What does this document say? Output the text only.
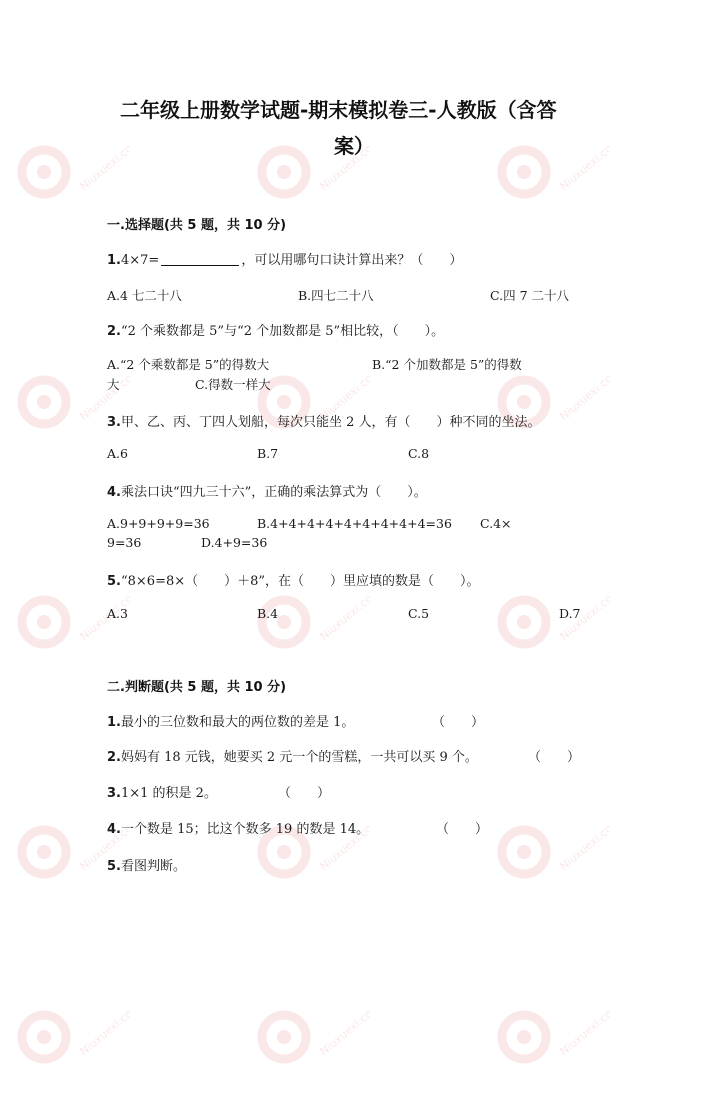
Niuxuexi.com	Niuxuexi.com	Niuxuexi.com
Niuxuexi.com	Niuxuexi.com	Niuxuexi.com
Niuxuexi.com	Niuxuexi.com	Niuxuexi.com
Niuxuexi.com	Niuxuexi.com	Niuxuexi.com
Niuxuexi.com	Niuxuexi.com	Niuxuexi.com
二年级上册数学试题-期末模拟卷三-人教版（含答
案）
一.选择题(共 5 题，共 10 分)
1.4×7=	，可以用哪句口诀计算出来？（　　）
A.4 七二十八	B.四七二十八	C.四 7 二十八
2.“2 个乘数都是 5”与“2 个加数都是 5”相比较，（　　）。
A.“2 个乘数都是 5”的得数大	B.“2 个加数都是 5”的得数
大	C.得数一样大
3.甲、乙、丙、丁四人划船，每次只能坐 2 人，有（　　）种不同的坐法。
A.6	B.7	C.8
4.乘法口诀“四九三十六”，正确的乘法算式为（　　）。
A.9+9+9+9=36	B.4+4+4+4+4+4+4+4+4=36 C.4×
9=36	D.4+9=36
5.“8×6=8×（　　）＋8”，在（　　）里应填的数是（　　）。
A.3	B.4	C.5	D.7
二.判断题(共 5 题，共 10 分)
1.最小的三位数和最大的两位数的差是 1。	（　　）
2.妈妈有 18 元钱，她要买 2 元一个的雪糕，一共可以买 9 个。	（　　）
3.1×1 的积是 2。	（　　）
4.一个数是 15；比这个数多 19 的数是 14。	（　　）
5.看图判断。
